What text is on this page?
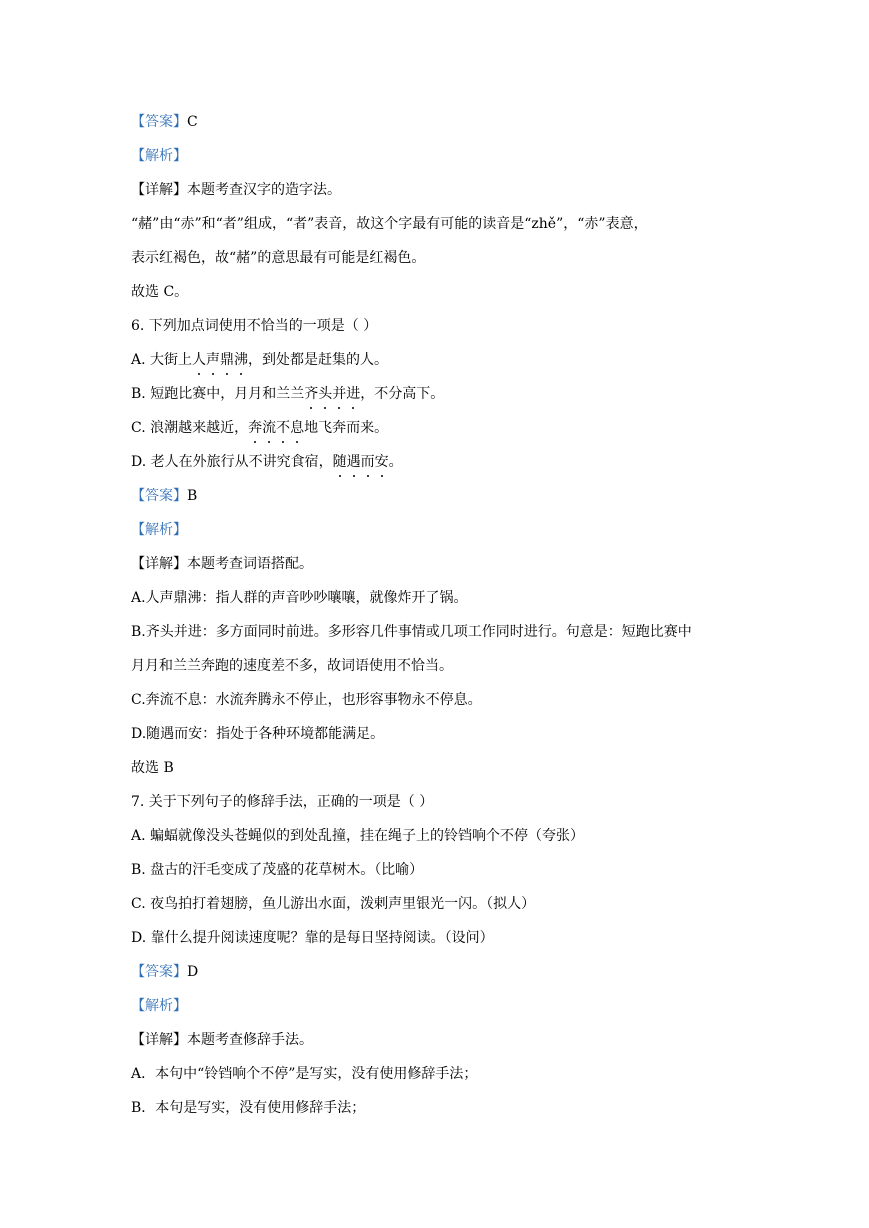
【答案】C
【解析】
【详解】本题考查汉字的造字法。
“赭”由“赤”和“者”组成，“者”表音，故这个字最有可能的读音是“zhě”，“赤”表意，
表示红褐色，故“赭”的意思最有可能是红褐色。
故选 C。
6. 下列加点词使用不恰当的一项是（ ）
A. 大街上人声鼎沸，到处都是赶集的人。
B. 短跑比赛中，月月和兰兰齐头并进，不分高下。
C. 浪潮越来越近，奔流不息地飞奔而来。
D. 老人在外旅行从不讲究食宿，随遇而安。
【答案】B
【解析】
【详解】本题考查词语搭配。
A.人声鼎沸：指人群的声音吵吵嚷嚷，就像炸开了锅。
B.齐头并进：多方面同时前进。多形容几件事情或几项工作同时进行。句意是：短跑比赛中
月月和兰兰奔跑的速度差不多，故词语使用不恰当。
C.奔流不息：水流奔腾永不停止，也形容事物永不停息。
D.随遇而安：指处于各种环境都能满足。
故选 B
7. 关于下列句子的修辞手法，正确的一项是（ ）
A. 蝙蝠就像没头苍蝇似的到处乱撞，挂在绳子上的铃铛响个不停（夸张）
B. 盘古的汗毛变成了茂盛的花草树木。（比喻）
C. 夜鸟拍打着翅膀，鱼儿游出水面，泼剌声里银光一闪。（拟人）
D. 靠什么提升阅读速度呢？靠的是每日坚持阅读。（设问）
【答案】D
【解析】
【详解】本题考查修辞手法。
A．本句中“铃铛响个不停”是写实，没有使用修辞手法；
B．本句是写实，没有使用修辞手法；
